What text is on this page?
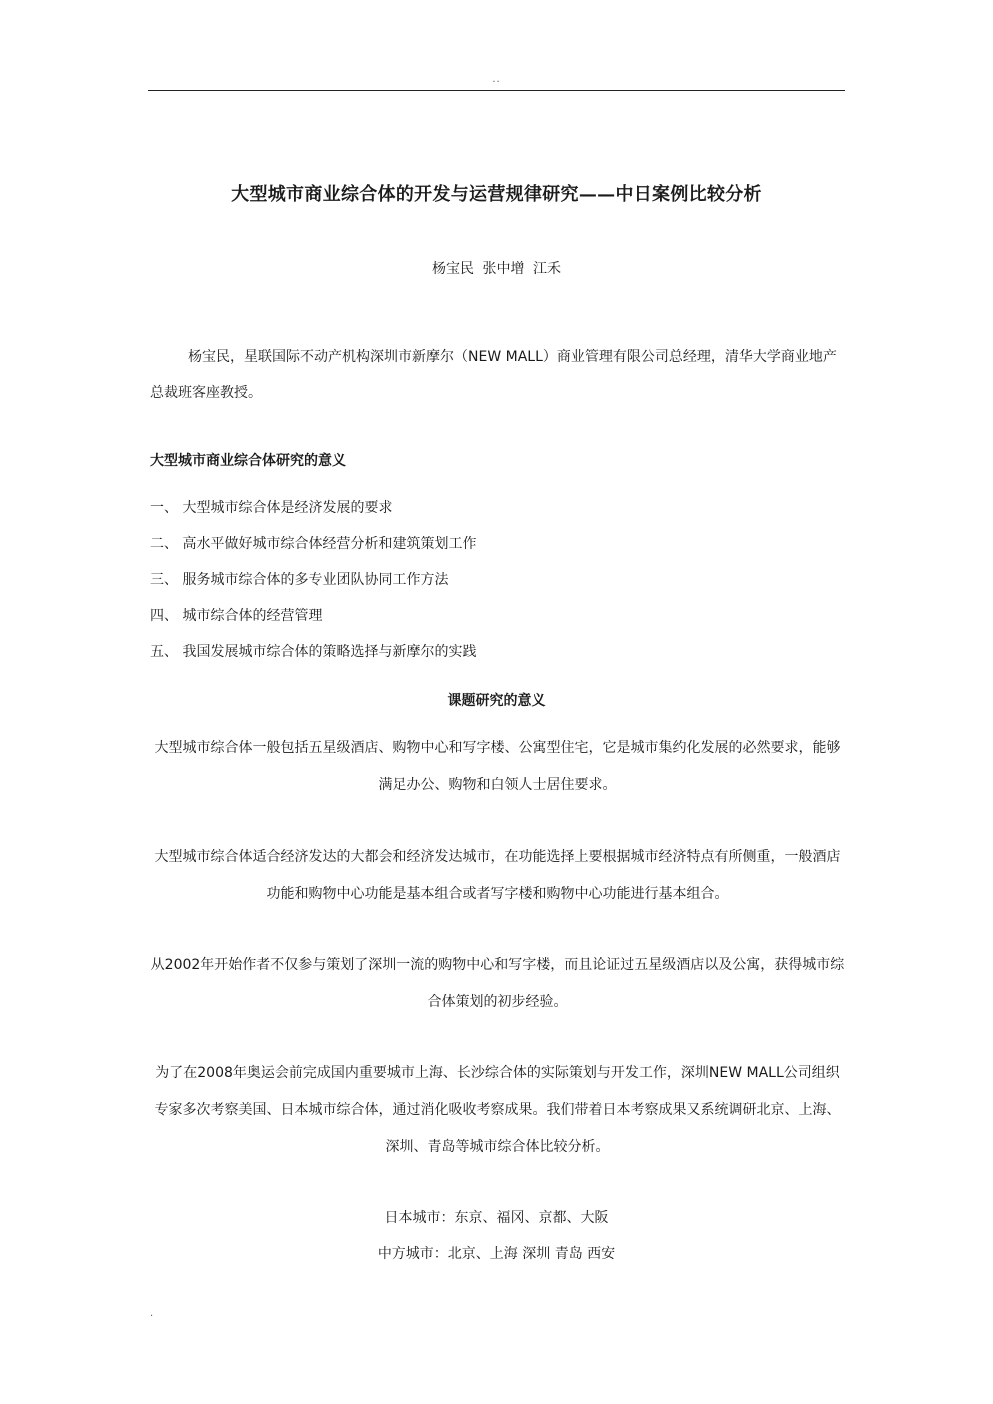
..
大型城市商业综合体的开发与运营规律研究——中日案例比较分析
杨宝民 张中增 江禾

杨宝民，星联国际不动产机构深圳市新摩尔（NEW MALL）商业管理有限公司总经理，清华大学商业地产总裁班客座教授。

大型城市商业综合体研究的意义
一、 大型城市综合体是经济发展的要求
二、 高水平做好城市综合体经营分析和建筑策划工作
三、 服务城市综合体的多专业团队协同工作方法
四、 城市综合体的经营管理
五、 我国发展城市综合体的策略选择与新摩尔的实践
课题研究的意义

大型城市综合体一般包括五星级酒店、购物中心和写字楼、公寓型住宅，它是城市集约化发展的必然要求，能够满足办公、购物和白领人士居住要求。

大型城市综合体适合经济发达的大都会和经济发达城市，在功能选择上要根据城市经济特点有所侧重，一般酒店功能和购物中心功能是基本组合或者写字楼和购物中心功能进行基本组合。

从2002年开始作者不仅参与策划了深圳一流的购物中心和写字楼，而且论证过五星级酒店以及公寓，获得城市综合体策划的初步经验。

为了在2008年奥运会前完成国内重要城市上海、长沙综合体的实际策划与开发工作，深圳NEW MALL公司组织专家多次考察美国、日本城市综合体，通过消化吸收考察成果。我们带着日本考察成果又系统调研北京、上海、深圳、青岛等城市综合体比较分析。

日本城市：东京、福冈、京都、大阪
中方城市：北京、上海 深圳 青岛 西安
.
